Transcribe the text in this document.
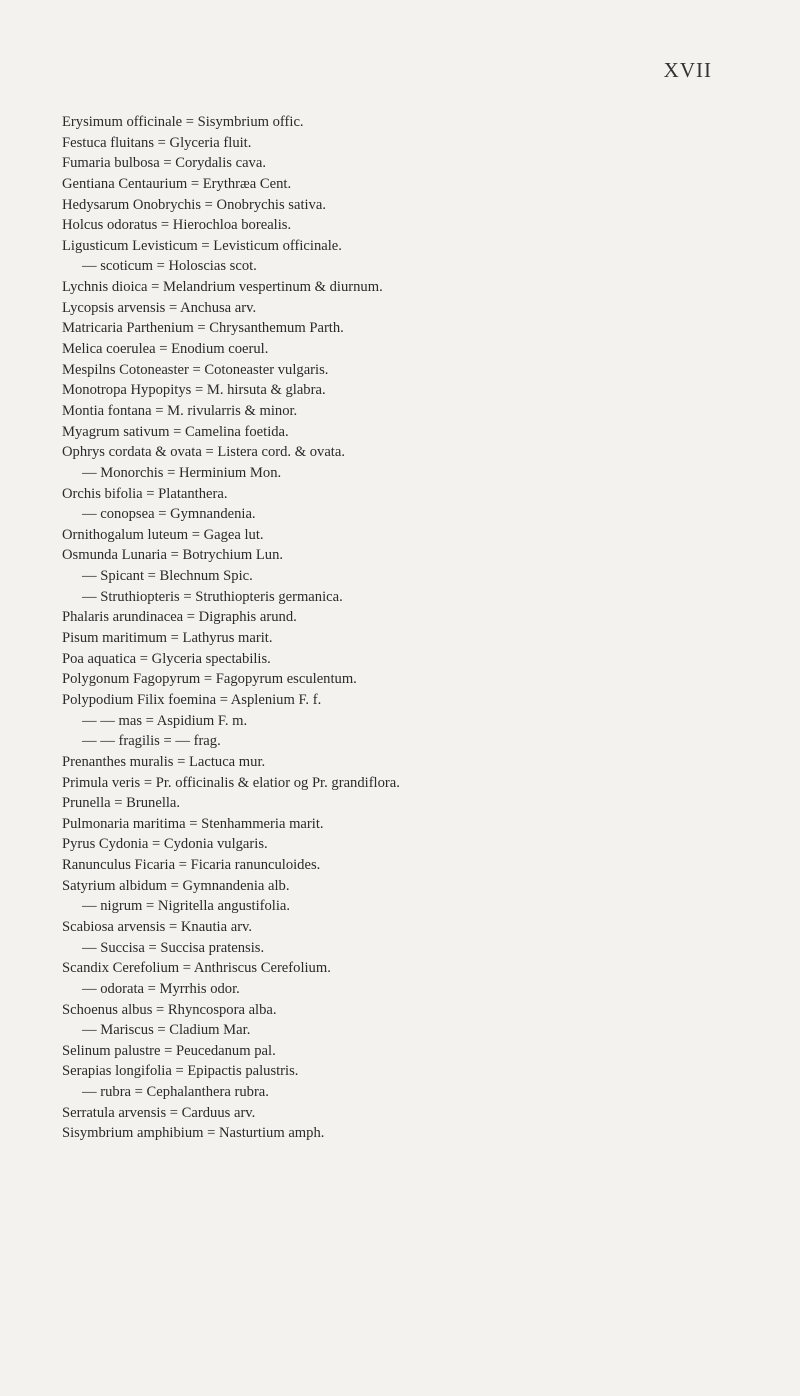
XVII
Erysimum officinale = Sisymbrium offic.
Festuca fluitans = Glyceria fluit.
Fumaria bulbosa = Corydalis cava.
Gentiana Centaurium = Erythræa Cent.
Hedysarum Onobrychis = Onobrychis sativa.
Holcus odoratus = Hierochloa borealis.
Ligusticum Levisticum = Levisticum officinale.
— scoticum = Holoscias scot.
Lychnis dioica = Melandrium vespertinum & diurnum.
Lycopsis arvensis = Anchusa arv.
Matricaria Parthenium = Chrysanthemum Parth.
Melica coerulea = Enodium coerul.
Mespilns Cotoneaster = Cotoneaster vulgaris.
Monotropa Hypopitys = M. hirsuta & glabra.
Montia fontana = M. rivularris & minor.
Myagrum sativum = Camelina foetida.
Ophrys cordata & ovata = Listera cord. & ovata.
— Monorchis = Herminium Mon.
Orchis bifolia = Platanthera.
— conopsea = Gymnandenia.
Ornithogalum luteum = Gagea lut.
Osmunda Lunaria = Botrychium Lun.
— Spicant = Blechnum Spic.
— Struthiopteris = Struthiopteris germanica.
Phalaris arundinacea = Digraphis arund.
Pisum maritimum = Lathyrus marit.
Poa aquatica = Glyceria spectabilis.
Polygonum Fagopyrum = Fagopyrum esculentum.
Polypodium Filix foemina = Asplenium F. f.
— — mas = Aspidium F. m.
— — fragilis = — frag.
Prenanthes muralis = Lactuca mur.
Primula veris = Pr. officinalis & elatior og Pr. grandiflora.
Prunella = Brunella.
Pulmonaria maritima = Stenhammeria marit.
Pyrus Cydonia = Cydonia vulgaris.
Ranunculus Ficaria = Ficaria ranunculoides.
Satyrium albidum = Gymnandenia alb.
— nigrum = Nigritella angustifolia.
Scabiosa arvensis = Knautia arv.
— Succisa = Succisa pratensis.
Scandix Cerefolium = Anthriscus Cerefolium.
— odorata = Myrrhis odor.
Schoenus albus = Rhyncospora alba.
— Mariscus = Cladium Mar.
Selinum palustre = Peucedanum pal.
Serapias longifolia = Epipactis palustris.
— rubra = Cephalanthera rubra.
Serratula arvensis = Carduus arv.
Sisymbrium amphibium = Nasturtium amph.
